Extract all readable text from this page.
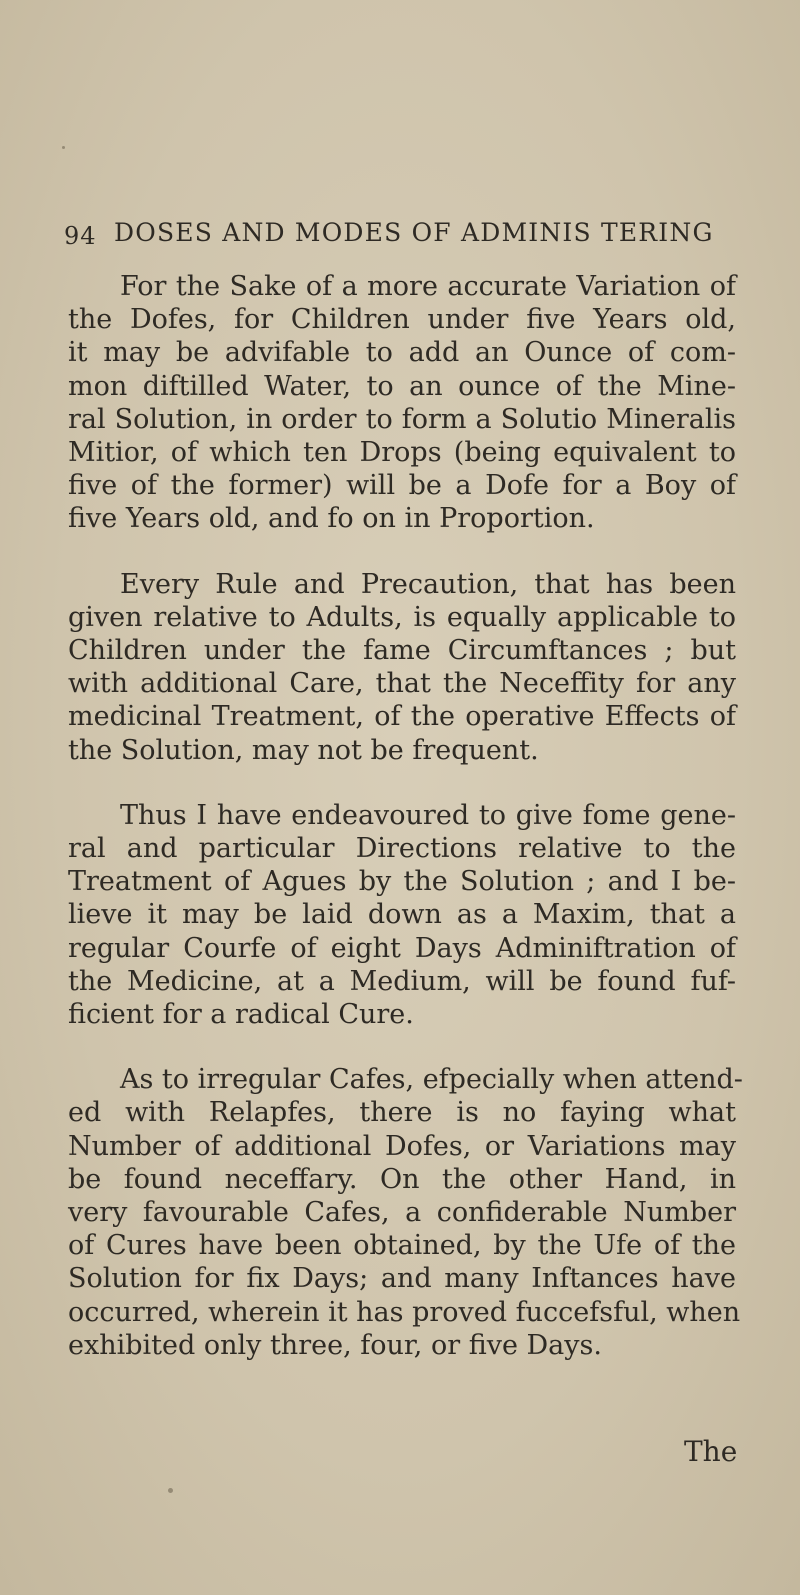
94 DOSES AND MODES OF ADMINIS TERING

For the Sake of a more accurate Variation of
the Dofes, for Children under five Years old,
it may be advifable to add an Ounce of com-
mon diftilled Water, to an ounce of the Mine-
ral Solution, in order to form a Solutio Mineralis
Mitior, of which ten Drops (being equivalent to
five of the former) will be a Dofe for a Boy of
five Years old, and fo on in Proportion.

Every Rule and Precaution, that has been
given relative to Adults, is equally applicable to
Children under the fame Circumftances ; but
with additional Care, that the Neceffity for any
medicinal Treatment, of the operative Effects of
the Solution, may not be frequent.

Thus I have endeavoured to give fome gene-
ral and particular Directions relative to the
Treatment of Agues by the Solution ; and I be-
lieve it may be laid down as a Maxim, that a
regular Courfe of eight Days Adminiftration of
the Medicine, at a Medium, will be found fuf-
ficient for a radical Cure.

As to irregular Cafes, efpecially when attend-
ed with Relapfes, there is no faying what
Number of additional Dofes, or Variations may
be found neceffary. On the other Hand, in
very favourable Cafes, a confiderable Number
of Cures have been obtained, by the Ufe of the
Solution for fix Days; and many Inftances have
occurred, wherein it has proved fuccefsful, when
exhibited only three, four, or five Days.

The
